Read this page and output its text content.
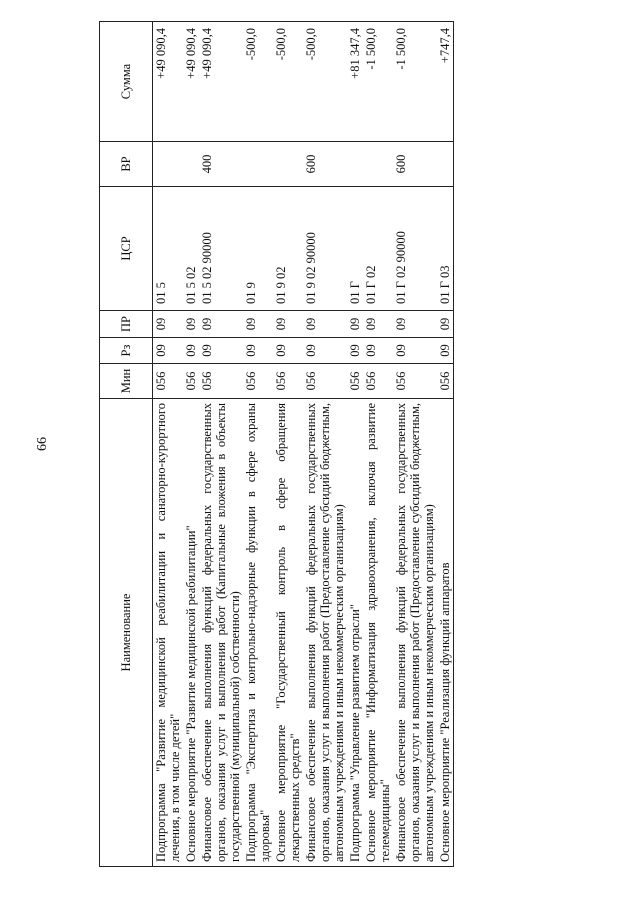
66
Наименование	Мин	Рз	ПР	ЦСР	ВР	Сумма
Подпрограмма "Развитие медицинской реабилитации и санаторно-курортного лечения, в том числе детей"	056	09	09	01 5		+49 090,4
Основное мероприятие "Развитие медицинской реабилитации"	056	09	09	01 5 02		+49 090,4
Финансовое обеспечение выполнения функций федеральных государственных органов, оказания услуг и выполнения работ (Капитальные вложения в объекты государственной (муниципальной) собственности)	056	09	09	01 5 02 90000	400	+49 090,4
Подпрограмма "Экспертиза и контрольно-надзорные функции в сфере охраны здоровья"	056	09	09	01 9		-500,0
Основное мероприятие "Государственный контроль в сфере обращения лекарственных средств"	056	09	09	01 9 02		-500,0
Финансовое обеспечение выполнения функций федеральных государственных органов, оказания услуг и выполнения работ (Предоставление субсидий бюджетным, автономным учреждениям и иным некоммерческим организациям)	056	09	09	01 9 02 90000	600	-500,0
Подпрограмма "Управление развитием отрасли"	056	09	09	01 Г		+81 347,4
Основное мероприятие "Информатизация здравоохранения, включая развитие телемедицины"	056	09	09	01 Г 02		-1 500,0
Финансовое обеспечение выполнения функций федеральных государственных органов, оказания услуг и выполнения работ (Предоставление субсидий бюджетным, автономным учреждениям и иным некоммерческим организациям)	056	09	09	01 Г 02 90000	600	-1 500,0
Основное мероприятие "Реализация функций аппаратов	056	09	09	01 Г 03		+747,4
